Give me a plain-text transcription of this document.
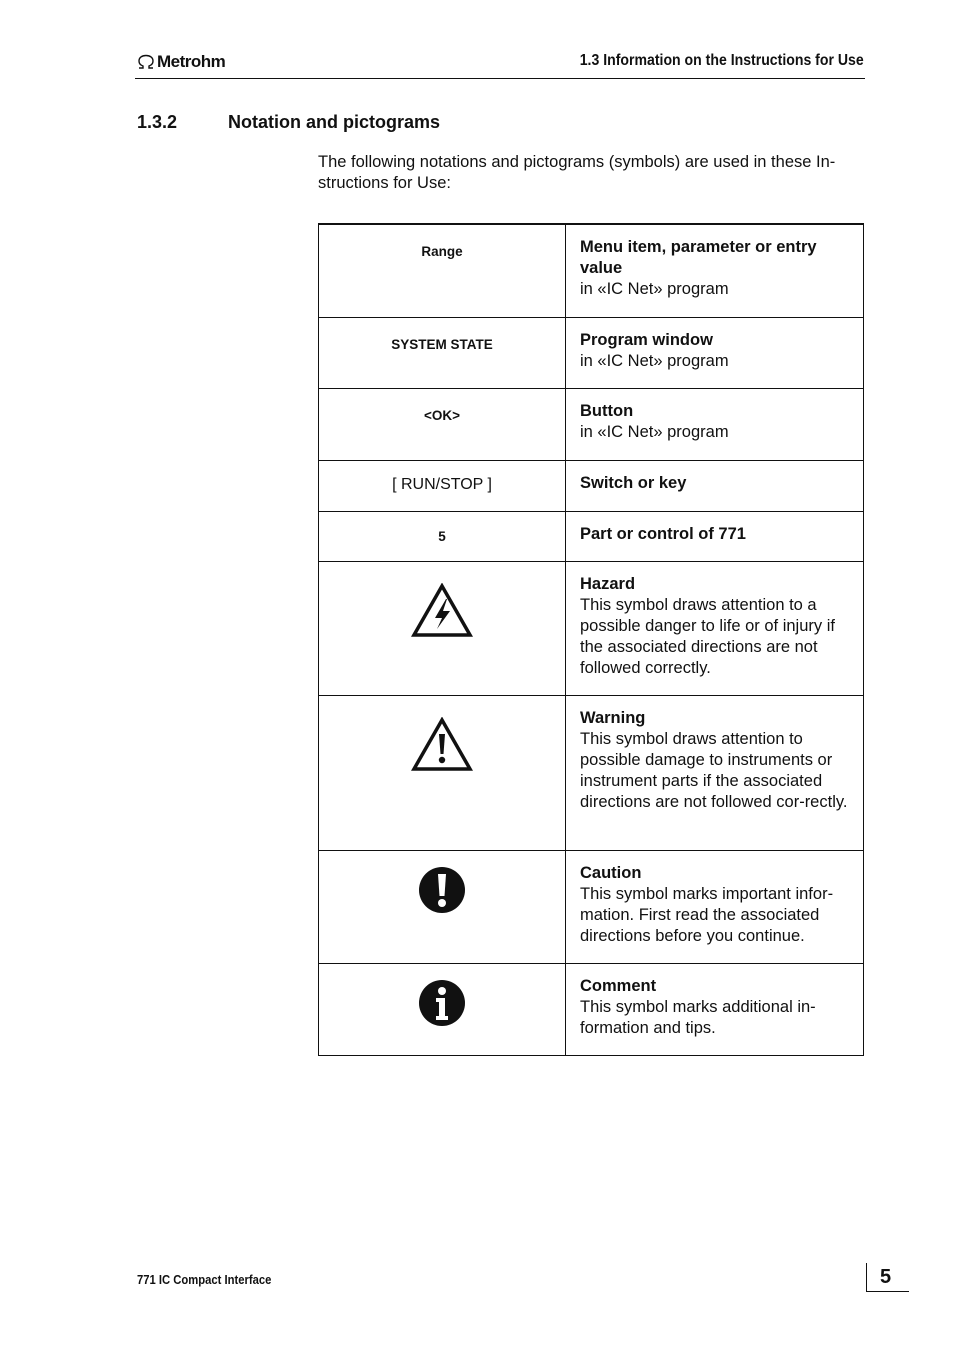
Metrohm	1.3 Information on the Instructions for Use
1.3.2	Notation and pictograms
The following notations and pictograms (symbols) are used in these In-structions for Use:
Range	Menu item, parameter or entry value
in «IC Net» program

SYSTEM STATE	Program window
in «IC Net» program

<OK>	Button
in «IC Net» program

[ RUN/STOP ]	Switch or key

5	Part or control of 771

Hazard
This symbol draws attention to a possible danger to life or of injury if the associated directions are not followed correctly.

Warning
This symbol draws attention to possible damage to instruments or instrument parts if the associated directions are not followed cor-rectly.

Caution
This symbol marks important infor-mation. First read the associated directions before you continue.

Comment
This symbol marks additional in-formation and tips.
771 IC Compact Interface	5
